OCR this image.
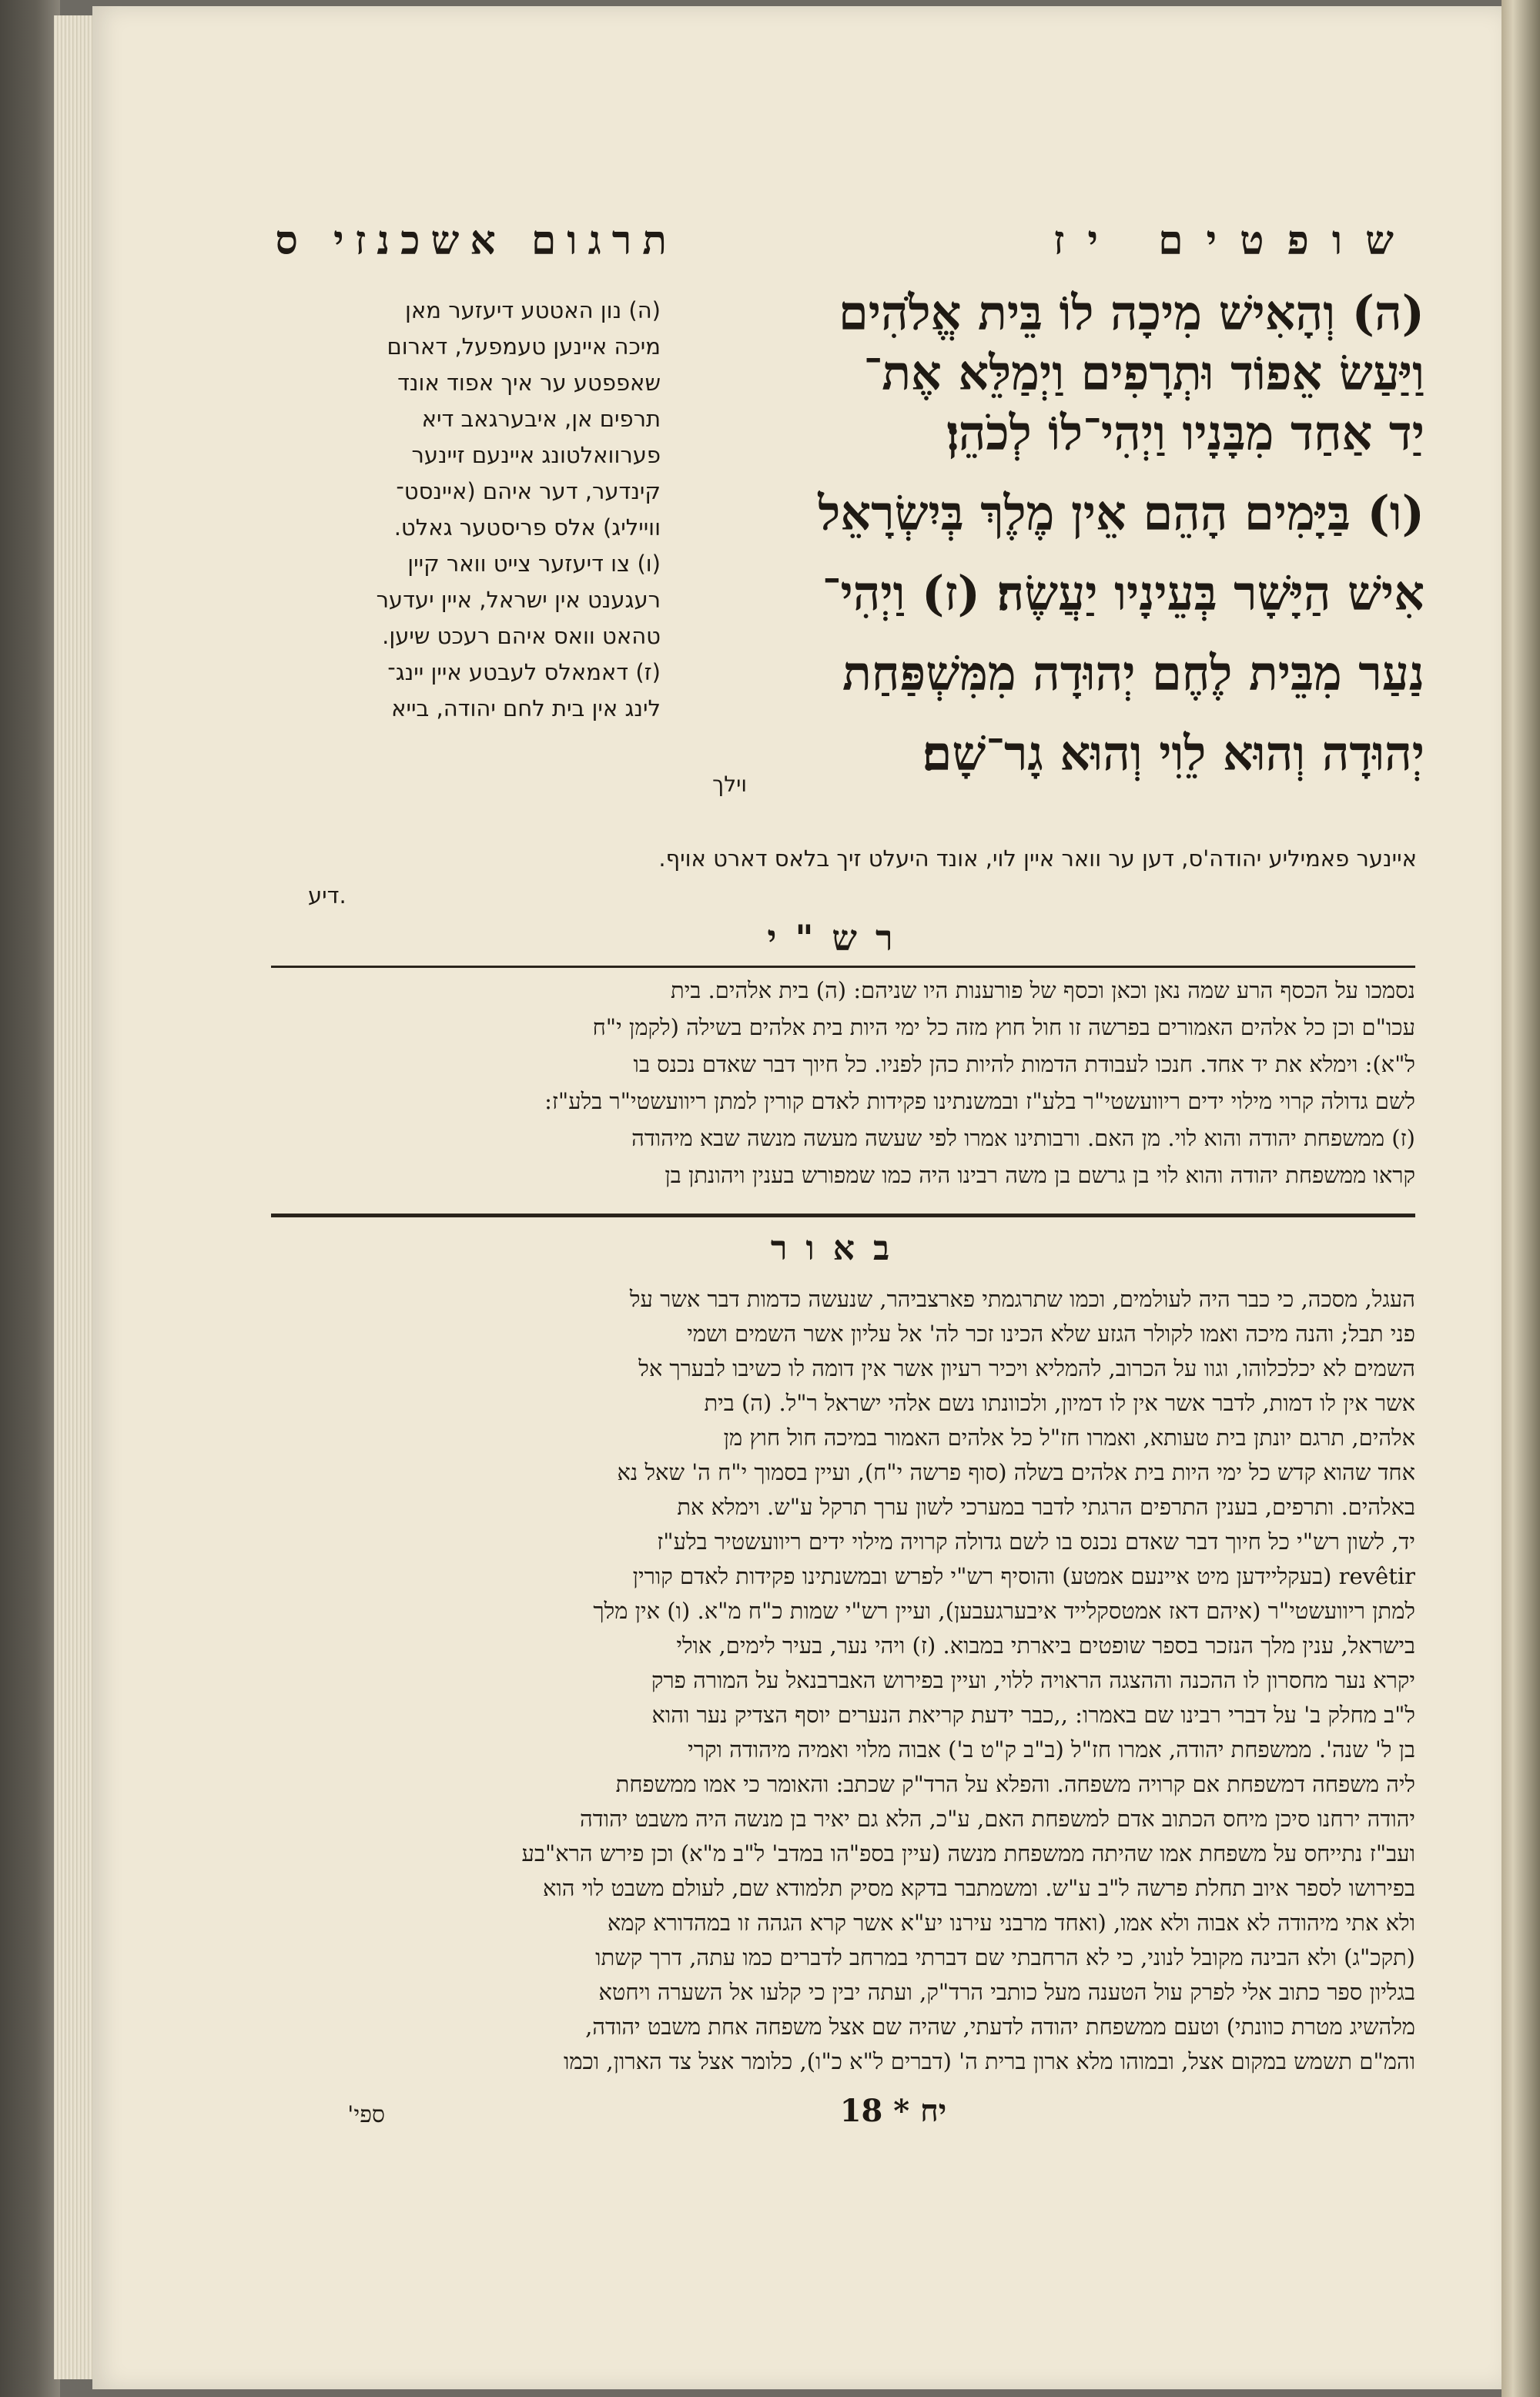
תרגום אשכנזי ס	שופטים יז
(ה) וְהָאִישׁ מִיכָה לוֹ בֵּית אֱלֹהִים
וַיַּעַשׂ אֵפוֹד וּתְרָפִים וַיְמַלֵּא אֶת־
יַד אַחַד מִבָּנָיו וַיְהִי־לוֹ לְכֹהֵן׃
(ו) בַּיָּמִים הָהֵם אֵין מֶלֶךְ בְּיִשְׂרָאֵל
אִישׁ הַיָּשָׁר בְּעֵינָיו יַעֲשֶׂה׃ (ז) וַיְהִי־
נַעַר מִבֵּית לֶחֶם יְהוּדָה מִמִּשְׁפַּחַת
יְהוּדָה וְהוּא לֵוִי וְהוּא גָר־שָׁם׃
(ה) נון האטטע דיעזער מאן
מיכה איינען טעמפעל, דארום
שאפפטע ער איך אפוד אונד
תרפים אן, איבערגאב דיא
פערוואלטונג איינעם זיינער
קינדער, דער איהם (איינסט־
ווייליג) אלס פריסטער גאלט.
(ו) צו דיעזער צייט וואר קיין
רעגענט אין ישראל, איין יעדער
טהאט וואס איהם רעכט שיען.
(ז) דאמאלס לעבטע איין יינג־
לינג אין בית לחם יהודה, בייא
וילך
איינער פאמיליע יהודה'ס, דען ער וואר איין לוי, אונד היעלט זיך בלאס דארט אויף.
דיע.
רש"י
נסמכו על הכסף הרע שמה נאן וכאן וכסף של פורענות היו שניהם: (ה) בית אלהים. בית
עכו"ם וכן כל אלהים האמורים בפרשה זו חול חוץ מזה כל ימי היות בית אלהים בשילה (לקמן י"ח
ל"א): וימלא את יד אחד. חנכו לעבודת הדמות להיות כהן לפניו. כל חיוך דבר שאדם נכנס בו
לשם גדולה קרוי מילוי ידים ריוועשטי"ר בלע"ז ובמשנתינו פקידות לאדם קורין למתן ריוועשטי"ר בלע"ז:
(ז) ממשפחת יהודה והוא לוי. מן האם. ורבותינו אמרו לפי שעשה מעשה מנשה שבא מיהודה
קראו ממשפחת יהודה והוא לוי בן גרשם בן משה רבינו היה כמו שמפורש בענין ויהונתן בן
באור
העגל, מסכה, כי כבר היה לעולמים, וכמו שתרגמתי פארצביהר, שנעשה כדמות דבר אשר על
פני תבל; והנה מיכה ואמו לקולר הגזע שלא הכינו זכר לה' אל עליון אשר השמים ושמי
השמים לא יכלכלוהו, וגוו על הכרוב, להמליא ויכיר רעיון אשר אין דומה לו כשיבו לבערך אל
אשר אין לו דמות, לדבר אשר אין לו דמיון, ולכוונתו נשם אלהי ישראל ר"ל. (ה) בית
אלהים, תרגם יונתן בית טעותא, ואמרו חז"ל כל אלהים האמור במיכה חול חוץ מן
אחד שהוא קדש כל ימי היות בית אלהים בשלה (סוף פרשה י"ח), ועיין בסמוך י"ח ה' שאל נא
באלהים. ותרפים, בענין התרפים הרגתי לדבר במערכי לשון ערך תרקל ע"ש. וימלא את
יד, לשון רש"י כל חיוך דבר שאדם נכנס בו לשם גדולה קרויה מילוי ידים ריוועשטיר בלע"ז
revêtir (בעקליידען מיט איינעם אמטע) והוסיף רש"י לפרש ובמשנתינו פקידות לאדם קורין
למתן ריוועשטי"ר (איהם דאז אמטסקלייד איבערגעבען), ועיין רש"י שמות כ"ח מ"א. (ו) אין מלך
בישראל, ענין מלך הנזכר בספר שופטים ביארתי במבוא. (ז) ויהי נער, בעיר לימים, אולי
יקרא נער מחסרון לו ההכנה וההצגה הראויה ללוי, ועיין בפירוש האברבנאל על המורה פרק
ל"ב מחלק ב' על דברי רבינו שם באמרו: ,,כבר ידעת קריאת הנערים יוסף הצדיק נער והוא
בן ל' שנה'. ממשפחת יהודה, אמרו חז"ל (ב"ב ק"ט ב') אבוה מלוי ואמיה מיהודה וקרי
ליה משפחה דמשפחת אם קרויה משפחה. והפלא על הרד"ק שכתב: והאומר כי אמו ממשפחת
יהודה ירחנו סיכן מיחס הכתוב אדם למשפחת האם, ע"כ, הלא גם יאיר בן מנשה היה משבט יהודה
ועב"ז נתייחס על משפחת אמו שהיתה ממשפחת מנשה (עיין בספ"הו במדב' ל"ב מ"א) וכן פירש הרא"בע
בפירושו לספר איוב תחלת פרשה ל"ב ע"ש. ומשמתבר בדקא מסיק תלמודא שם, לעולם משבט לוי הוא
ולא אתי מיהודה לא אבוה ולא אמו, (ואחד מרבני עירנו יע"א אשר קרא הגהה זו במהדורא קמא
(תקכ"ג) ולא הבינה מקובל לנוני, כי לא הרחבתי שם דברתי במרחב לדברים כמו עתה, דרך קשתו
בגליון ספר כתוב אלי לפרק עול הטענה מעל כותבי הרד"ק, ועתה יבין כי קלעו אל השערה ויחטא
מלהשיג מטרת כוונתי) וטעם ממשפחת יהודה לדעתי, שהיה שם אצל משפחה אחת משבט יהודה,
והמ"ם תשמש במקום אצל, ובמוהו מלא ארון ברית ה' (דברים ל"א כ"ו), כלומר אצל צד הארון, וכמו
יח * 18
ספי'
